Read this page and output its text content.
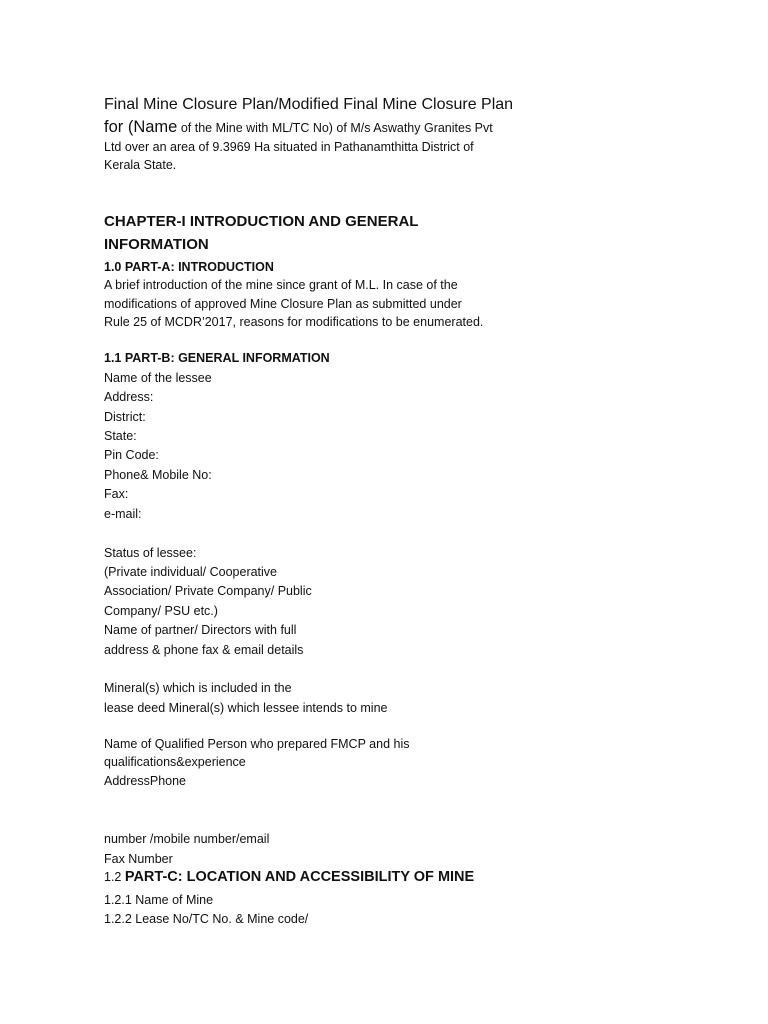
Final Mine Closure Plan/Modified Final Mine Closure Plan
for (Name of the Mine with ML/TC No) of M/s Aswathy Granites Pvt
Ltd over an area of 9.3969 Ha situated in Pathanamthitta District of
Kerala State.
CHAPTER-I INTRODUCTION AND GENERAL
INFORMATION
1.0 PART-A: INTRODUCTION
A brief introduction of the mine since grant of M.L. In case of the
modifications of approved Mine Closure Plan as submitted under
Rule 25 of MCDR’2017, reasons for modifications to be enumerated.
1.1 PART-B: GENERAL INFORMATION
Name of the lessee
Address:
District:
State:
Pin Code:
Phone& Mobile No:
Fax:
e-mail:
Status of lessee:
(Private individual/ Cooperative
Association/ Private Company/ Public
Company/ PSU etc.)
Name of partner/ Directors with full
address & phone fax & email details
Mineral(s) which is included in the
lease deed Mineral(s) which lessee intends to mine
Name of Qualified Person who prepared FMCP and his
qualifications&experience
AddressPhone
number /mobile number/email
Fax Number
1.2 PART-C: LOCATION AND ACCESSIBILITY OF MINE
1.2.1 Name of Mine
1.2.2 Lease No/TC No. & Mine code/
